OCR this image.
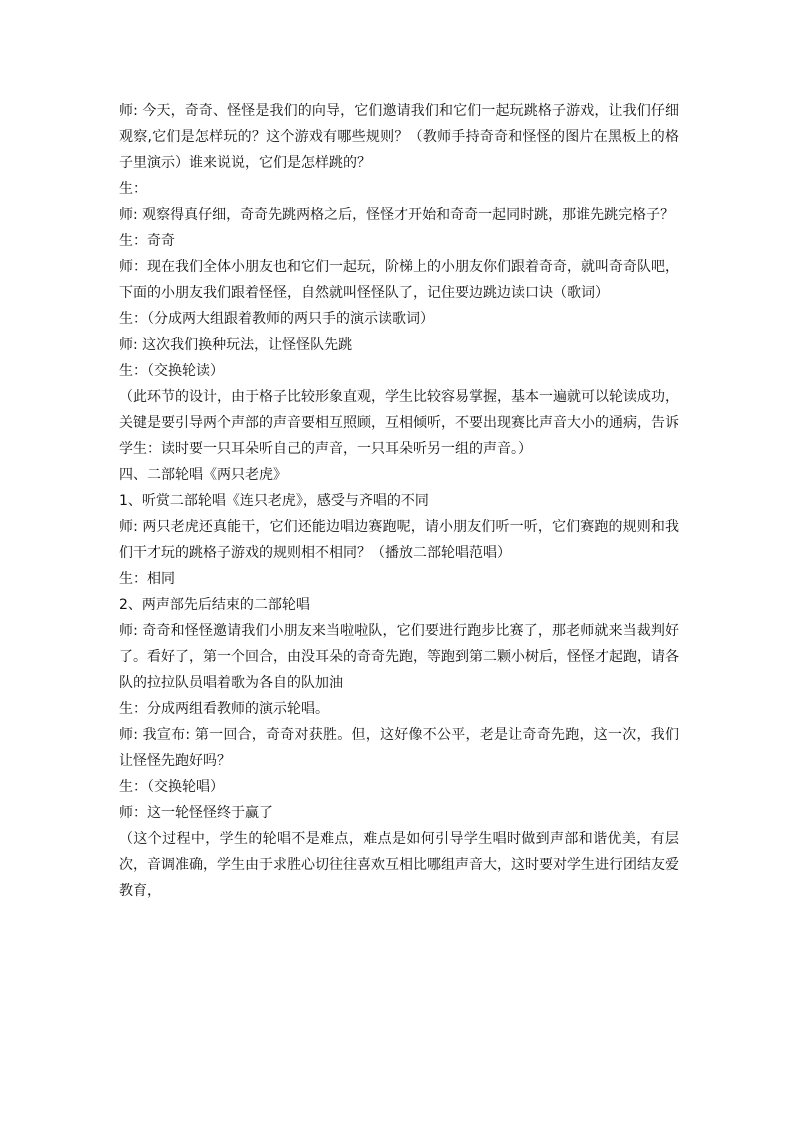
师: 今天，奇奇、怪怪是我们的向导，它们邀请我们和它们一起玩跳格子游戏，让我们仔细观察,它们是怎样玩的？这个游戏有哪些规则？（教师手持奇奇和怪怪的图片在黑板上的格子里演示）谁来说说，它们是怎样跳的？

生：

师: 观察得真仔细，奇奇先跳两格之后，怪怪才开始和奇奇一起同时跳，那谁先跳完格子？

生：奇奇

师：现在我们全体小朋友也和它们一起玩，阶梯上的小朋友你们跟着奇奇，就叫奇奇队吧，下面的小朋友我们跟着怪怪，自然就叫怪怪队了，记住要边跳边读口诀（歌词）

生：（分成两大组跟着教师的两只手的演示读歌词）

师: 这次我们换种玩法，让怪怪队先跳

生：（交换轮读）

（此环节的设计，由于格子比较形象直观，学生比较容易掌握，基本一遍就可以轮读成功，关键是要引导两个声部的声音要相互照顾，互相倾听，不要出现赛比声音大小的通病，告诉学生：读时要一只耳朵听自己的声音，一只耳朵听另一组的声音。）

四、二部轮唱《两只老虎》

1、听赏二部轮唱《连只老虎》，感受与齐唱的不同

师: 两只老虎还真能干，它们还能边唱边赛跑呢，请小朋友们听一听，它们赛跑的规则和我们干才玩的跳格子游戏的规则相不相同？（播放二部轮唱范唱）

生：相同

2、两声部先后结束的二部轮唱

师: 奇奇和怪怪邀请我们小朋友来当啦啦队，它们要进行跑步比赛了，那老师就来当裁判好了。看好了，第一个回合，由没耳朵的奇奇先跑，等跑到第二颗小树后，怪怪才起跑，请各队的拉拉队员唱着歌为各自的队加油

生：分成两组看教师的演示轮唱。

师: 我宣布: 第一回合，奇奇对获胜。但，这好像不公平，老是让奇奇先跑，这一次，我们让怪怪先跑好吗？

生：（交换轮唱）

师：这一轮怪怪终于赢了

（这个过程中，学生的轮唱不是难点，难点是如何引导学生唱时做到声部和谐优美，有层次，音调准确，学生由于求胜心切往往喜欢互相比哪组声音大，这时要对学生进行团结友爱教育，
